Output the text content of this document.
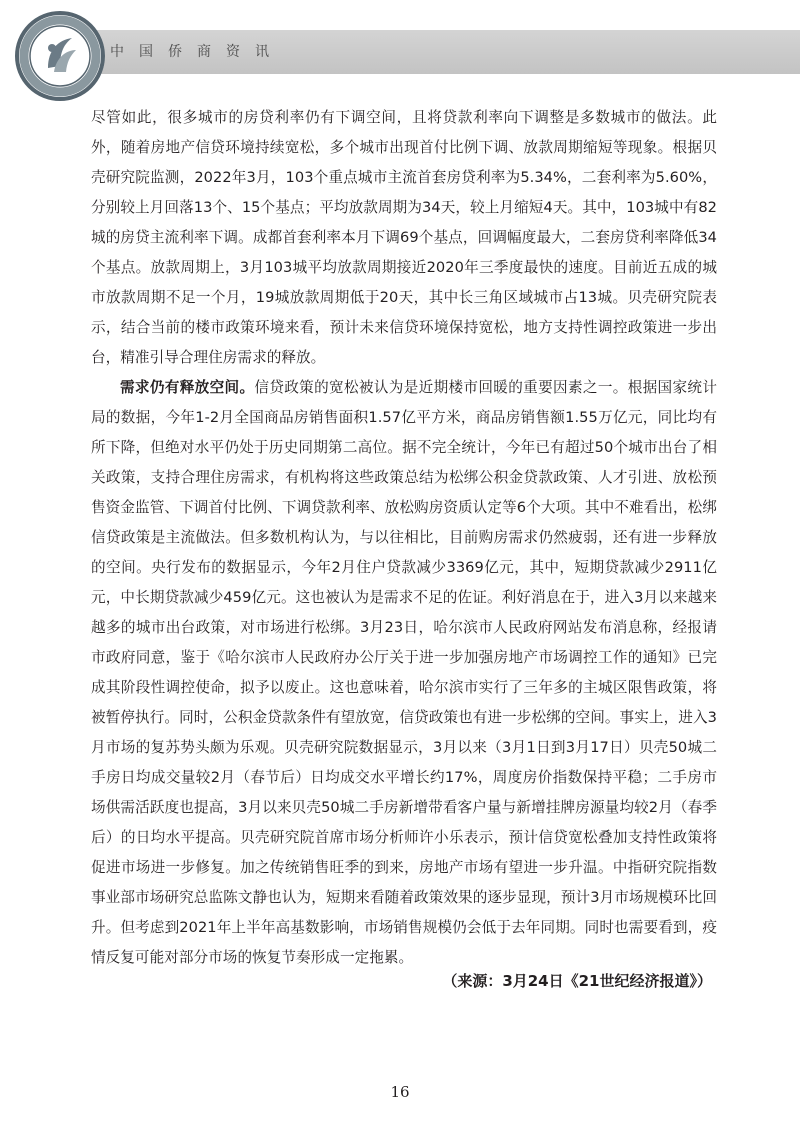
中国侨商资讯

尽管如此，很多城市的房贷利率仍有下调空间，且将贷款利率向下调整是多数城市的做法。此外，随着房地产信贷环境持续宽松，多个城市出现首付比例下调、放款周期缩短等现象。根据贝壳研究院监测，2022年3月，103个重点城市主流首套房贷利率为5.34%，二套利率为5.60%，分别较上月回落13个、15个基点；平均放款周期为34天，较上月缩短4天。其中，103城中有82城的房贷主流利率下调。成都首套利率本月下调69个基点，回调幅度最大，二套房贷利率降低34个基点。放款周期上，3月103城平均放款周期接近2020年三季度最快的速度。目前近五成的城市放款周期不足一个月，19城放款周期低于20天，其中长三角区域城市占13城。贝壳研究院表示，结合当前的楼市政策环境来看，预计未来信贷环境保持宽松，地方支持性调控政策进一步出台，精准引导合理住房需求的释放。

需求仍有释放空间。信贷政策的宽松被认为是近期楼市回暖的重要因素之一。根据国家统计局的数据，今年1-2月全国商品房销售面积1.57亿平方米，商品房销售额1.55万亿元，同比均有所下降，但绝对水平仍处于历史同期第二高位。据不完全统计，今年已有超过50个城市出台了相关政策，支持合理住房需求，有机构将这些政策总结为松绑公积金贷款政策、人才引进、放松预售资金监管、下调首付比例、下调贷款利率、放松购房资质认定等6个大项。其中不难看出，松绑信贷政策是主流做法。但多数机构认为，与以往相比，目前购房需求仍然疲弱，还有进一步释放的空间。央行发布的数据显示，今年2月住户贷款减少3369亿元，其中，短期贷款减少2911亿元，中长期贷款减少459亿元。这也被认为是需求不足的佐证。利好消息在于，进入3月以来越来越多的城市出台政策，对市场进行松绑。3月23日，哈尔滨市人民政府网站发布消息称，经报请市政府同意，鉴于《哈尔滨市人民政府办公厅关于进一步加强房地产市场调控工作的通知》已完成其阶段性调控使命，拟予以废止。这也意味着，哈尔滨市实行了三年多的主城区限售政策，将被暂停执行。同时，公积金贷款条件有望放宽，信贷政策也有进一步松绑的空间。事实上，进入3月市场的复苏势头颇为乐观。贝壳研究院数据显示，3月以来（3月1日到3月17日）贝壳50城二手房日均成交量较2月（春节后）日均成交水平增长约17%，周度房价指数保持平稳；二手房市场供需活跃度也提高，3月以来贝壳50城二手房新增带看客户量与新增挂牌房源量均较2月（春季后）的日均水平提高。贝壳研究院首席市场分析师许小乐表示，预计信贷宽松叠加支持性政策将促进市场进一步修复。加之传统销售旺季的到来，房地产市场有望进一步升温。中指研究院指数事业部市场研究总监陈文静也认为，短期来看随着政策效果的逐步显现，预计3月市场规模环比回升。但考虑到2021年上半年高基数影响，市场销售规模仍会低于去年同期。同时也需要看到，疫情反复可能对部分市场的恢复节奏形成一定拖累。

（来源：3月24日《21世纪经济报道》）
16
